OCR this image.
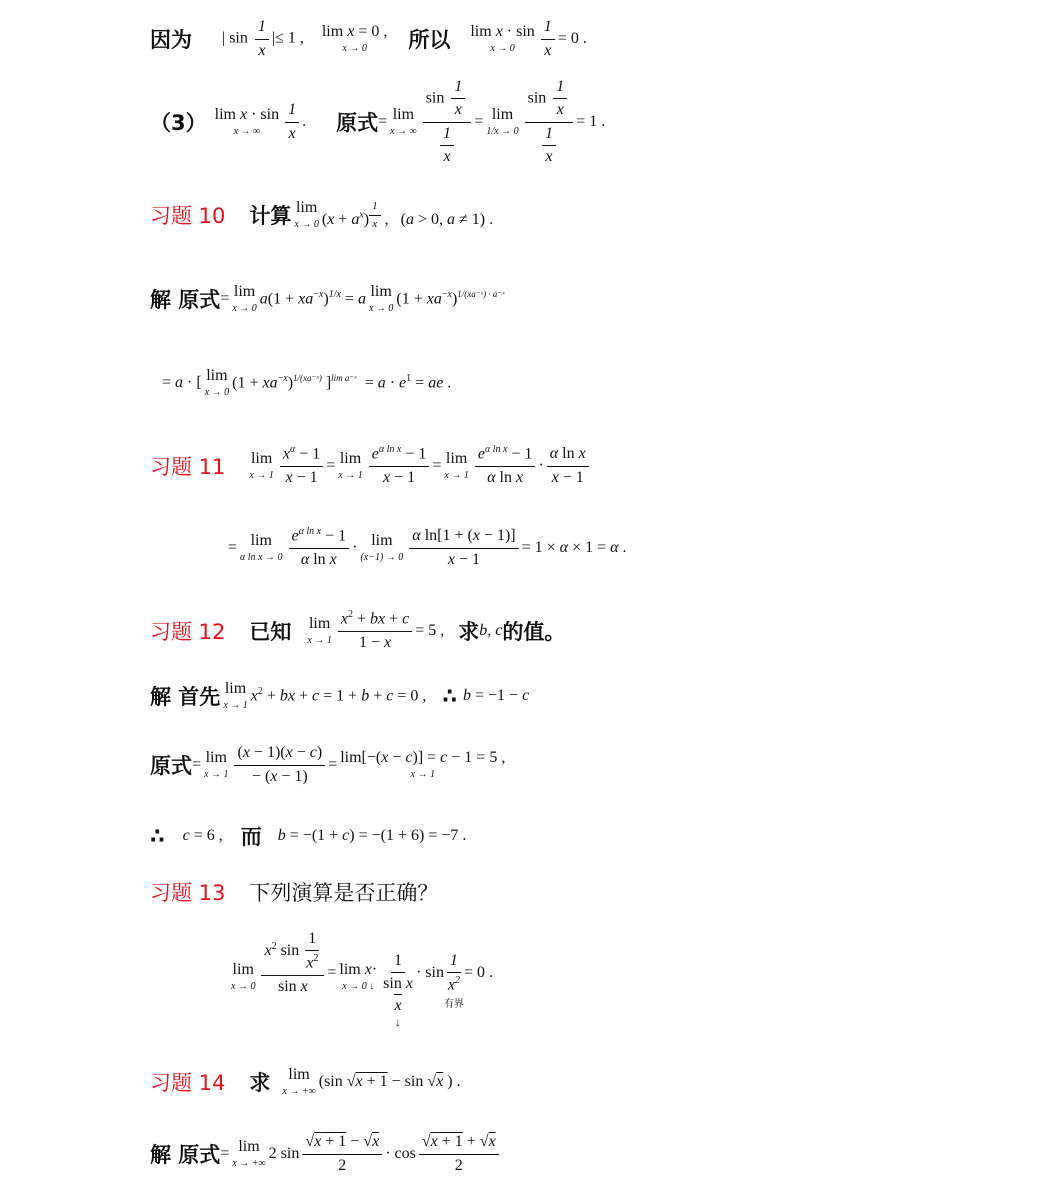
因为 | $\sin \frac{1}{x}$ |≤ 1 , lim x = 0 ,
x → 0 所以 lim x · sin
$x \to 0 \frac{1}{x} = 0$ .
（3） lim x · sin
x → ∞ $\frac{1}{x}$ . 原式 = lim
x → ∞ $\frac{\sin \frac{1}{x}}{\frac{1}{x}} = \lim$
$1/x \to 0 \frac{\sin \frac{1}{x}}{\frac{1}{x}} = 1$ .
习题 10 计算 lim
x → 0 $(x + a^x)$ $^{\frac{1}{x}}$ ,   (a > 0, a ≠ 1) .
解 原式 = lim
x → 0
$a(1 + xa^{-x})^{1/x} = a$ lim
x → 0
$(1 + xa^{-x})^{1/(xa^-ˣ) \cdot a^-ˣ}$
= a · [ lim
x → 0
$(1 + xa^{-x})^{1/(xa^-ˣ)}$ ]$^{lim a^-ˣ} = a \cdot e^1$ = ae .
习题 11 lim
$x \to 1 \frac{x^\alpha - 1}{x - 1} = \lim$
$x \to 1 \frac{e^{\alpha ln x} - 1}{x - 1} = \lim$
$x \to 1 \frac{e^{\alpha ln x} - 1}{\text{α ln x}} \cdot \frac{\text{α ln x}}{x - 1}$
= lim
α $\ln x \to 0 \frac{e^{\alpha ln x} - 1}{\text{α ln x}} \cdot \lim$
$(x-1) \to 0 \frac{\text{α ln[1 + (x − 1)]}}{x - 1} = 1 \times \alpha \times 1 = \alpha$ .
习题 12 已知 lim
$x \to 1 \frac{x^2 + bx + c}{1 - x} = 5$ , 求 b, c 的值。
解 首先 lim
x → 1
$x^2$ + bx + c = 1 + b + c = 0 , ∴ b = −1 − c
原式 = lim
$x \to 1 \frac{(x - 1)(x - c)}{- (x - 1)} = \lim[-(x - c)] = c - 1 = 5$ ,
x → 1
∴ c = 6 , 而 b = −(1 + c) = −(1 + 6) = −7 .
习题 13 下列演算是否正确？
lim
$x \to 0 \frac{x^2 \sin \frac{1}{x^2}}{\text{sin x}} = \lim x\cdot$
x → 0 ↓ $\frac{1}{\text{sin x}}$
x
↓
· $\sin \frac{1}{x^2}$
有界
= 0 .
习题 14 求 lim
x → +∞
(sin √x + 1 − sin √x ) .
解 原式 = lim
x → +∞
2 $\sin \frac{√x + 1 - √x}{2} \cdot \cos \frac{√x + 1 + √x}{2}$
